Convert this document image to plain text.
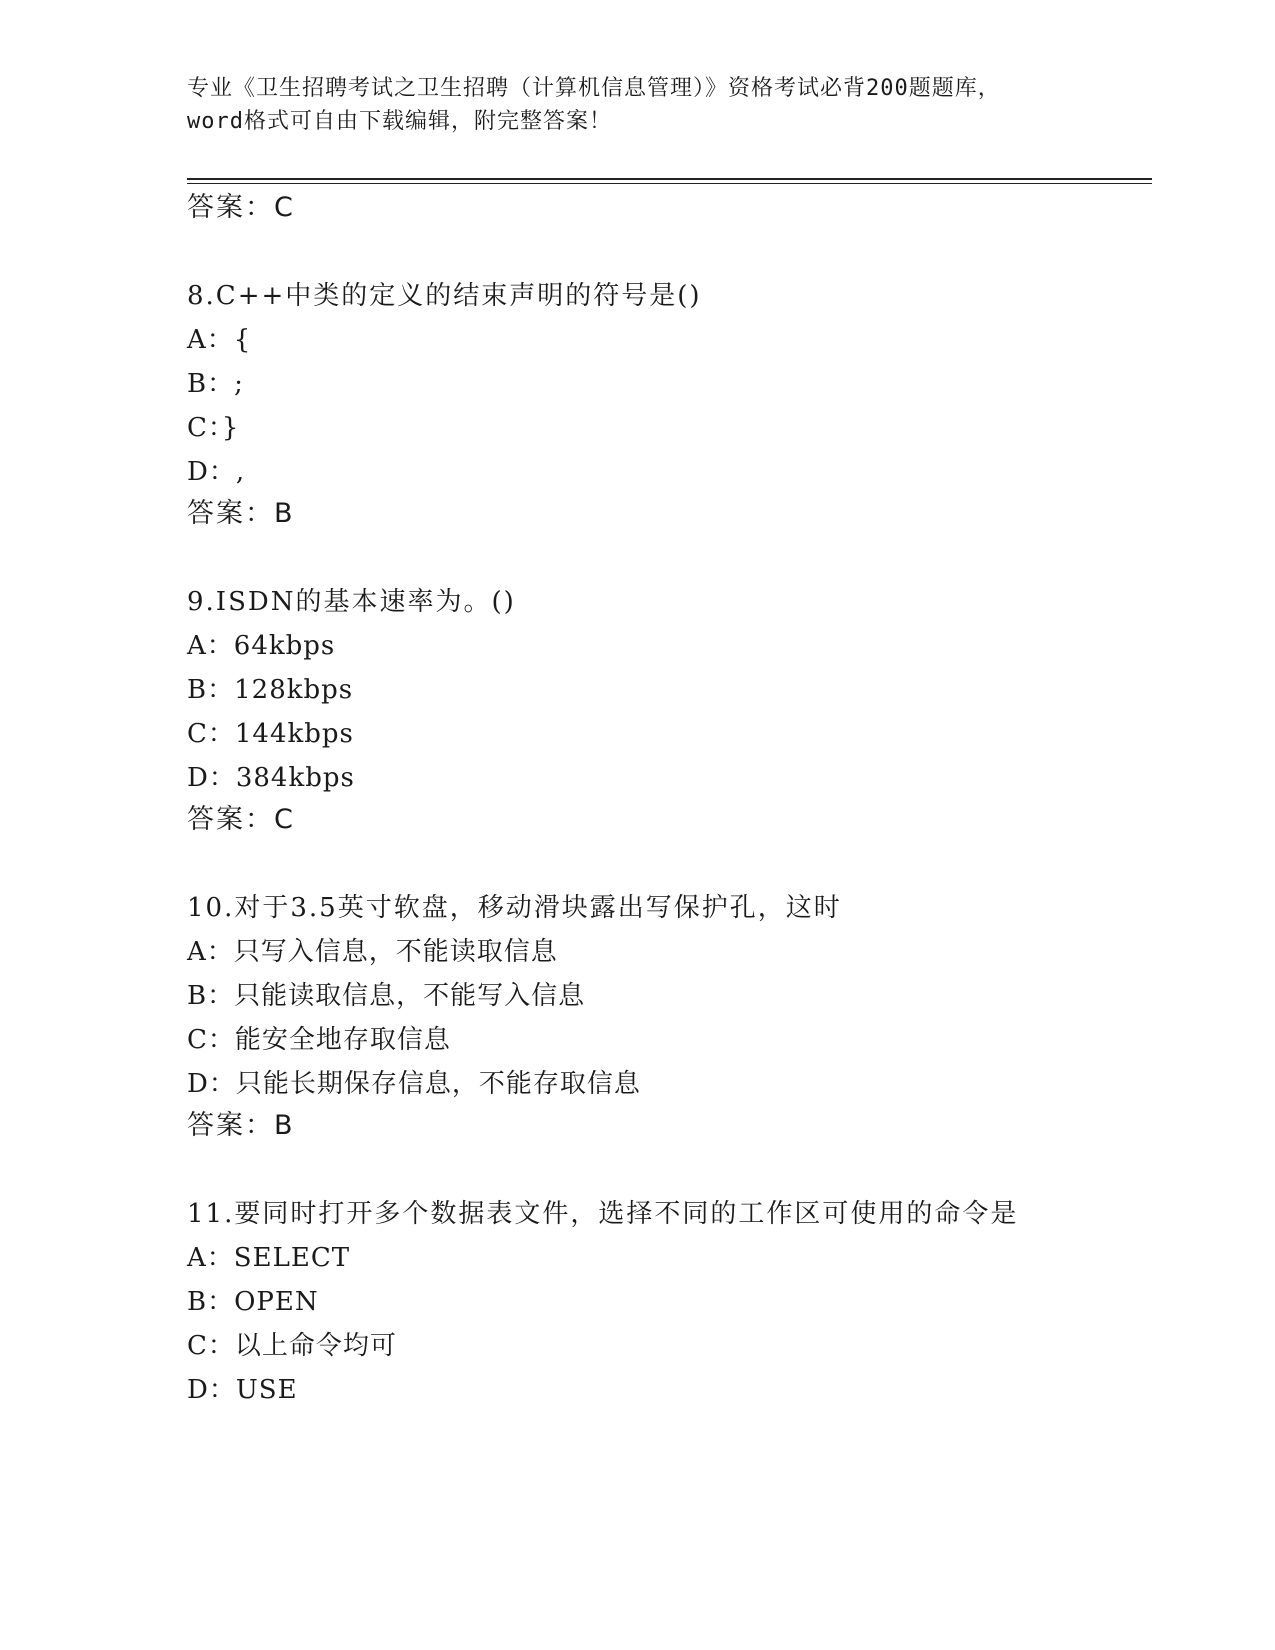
专业《卫生招聘考试之卫生招聘（计算机信息管理）》资格考试必背200题题库，
word格式可自由下载编辑，附完整答案！
答案：C
8.C++中类的定义的结束声明的符号是()
A：{
B：;
C：}
D：,
答案：B
9.ISDN的基本速率为。()
A：64kbps
B：128kbps
C：144kbps
D：384kbps
答案：C
10.对于3.5英寸软盘，移动滑块露出写保护孔，这时
A：只写入信息，不能读取信息
B：只能读取信息，不能写入信息
C：能安全地存取信息
D：只能长期保存信息，不能存取信息
答案：B
11.要同时打开多个数据表文件，选择不同的工作区可使用的命令是
A：SELECT
B：OPEN
C：以上命令均可
D：USE
